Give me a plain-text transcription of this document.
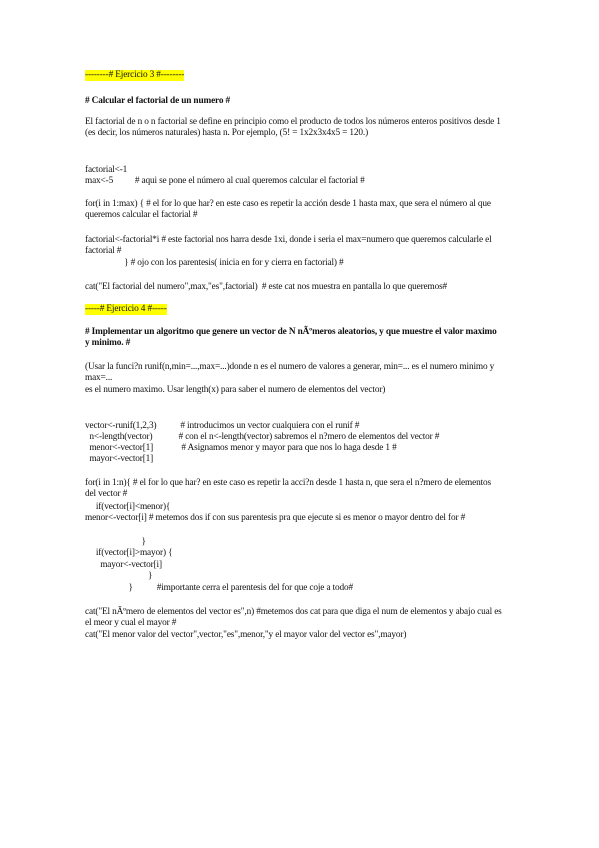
--------# Ejercicio 3 #--------
# Calcular el factorial de un numero #
El factorial de n o n factorial se define en principio como el producto de todos los números enteros positivos desde 1 (es decir, los números naturales) hasta n. Por ejemplo, (5! = 1x2x3x4x5 = 120.)
factorial<-1
max<-5          # aqui se pone el número al cual queremos calcular el factorial #
for(i in 1:max) { # el for lo que har? en este caso es repetir la acción desde 1 hasta max, que sera el número al que queremos calcular el factorial #
factorial<-factorial*i # este factorial nos harra desde 1xi, donde i seria el max=numero que queremos calcularle el factorial #
} # ojo con los parentesis( inicia en for y cierra en factorial) #
cat("El factorial del numero",max,"es",factorial)  # este cat nos muestra en pantalla lo que queremos#
-----# Ejercicio 4 #-----
# Implementar un algoritmo que genere un vector de N nÃºmeros aleatorios, y que muestre el valor maximo y minimo. #
(Usar la funci?n runif(n,min=...,max=...)donde n es el numero de valores a generar, min=... es el numero minimo y max=...
es el numero maximo. Usar length(x) para saber el numero de elementos del vector)
vector<-runif(1,2,3)           # introducimos un vector cualquiera con el runif #
n<-length(vector)            # con el n<-length(vector) sabremos el n?mero de elementos del vector #
menor<-vector[1]             # Asignamos menor y mayor para que nos lo haga desde 1 #
mayor<-vector[1]
for(i in 1:n){ # el for lo que har? en este caso es repetir la acci?n desde 1 hasta n, que sera el n?mero de elementos del vector #
if(vector[i]<menor){
menor<-vector[i] # metemos dos if con sus parentesis pra que ejecute si es menor o mayor dentro del for #
}
if(vector[i]>mayor) {
mayor<-vector[i]
}
}           #importante cerra el parentesis del for que coje a todo#
cat("El nÃºmero de elementos del vector es",n) #metemos dos cat para que diga el num de elementos y abajo cual es el meor y cual el mayor #
cat("El menor valor del vector",vector,"es",menor,"y el mayor valor del vector es",mayor)
